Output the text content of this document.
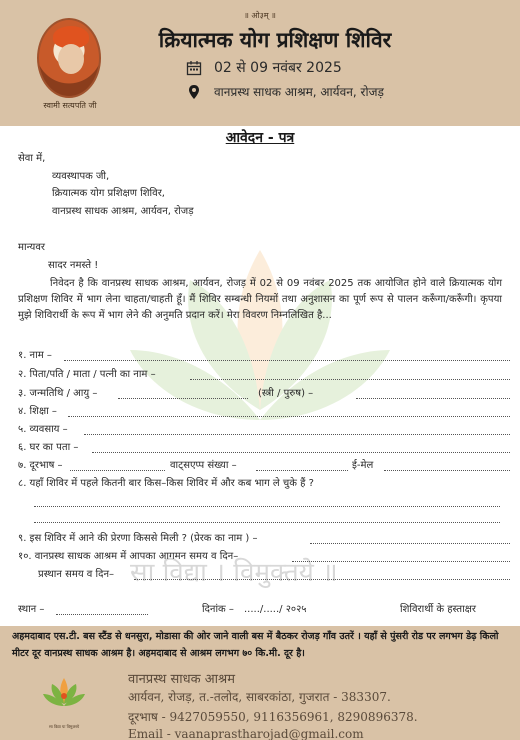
स्वामी सत्यपति जी
॥ ओ३म् ॥
क्रियात्मक योग प्रशिक्षण शिविर
02 से 09 नवंबर 2025
वानप्रस्थ साधक आश्रम, आर्यवन, रोजड़
आवेदन - पत्र
सेवा में,
व्यवस्थापक जी,
क्रियात्मक योग प्रशिक्षण शिविर,
वानप्रस्थ साधक आश्रम, आर्यवन, रोजड़
मान्यवर
सादर नमस्ते !
निवेदन है कि वानप्रस्थ साधक आश्रम, आर्यवन, रोजड़ में 02 से 09 नवंबर 2025 तक आयोजित होने वाले क्रियात्मक योग प्रशिक्षण शिविर में भाग लेना चाहता/चाहती हूँ। मैं शिविर सम्बन्धी नियमों तथा अनुशासन का पूर्ण रूप से पालन करूँगा/करूँगी। कृपया मुझे शिविरार्थी के रूप में भाग लेने की अनुमति प्रदान करें। मेरा विवरण निम्नलिखित है...
१. नाम –
२. पिता/पति / माता / पत्नी का नाम –
३. जन्मतिथि / आयु –	(स्त्री / पुरुष) –
४. शिक्षा –
५. व्यवसाय –
६. घर का पता –
७. दूरभाष –	वाट्सएप्प संख्या –	ई-मेल
८. यहाँ शिविर में पहले कितनी बार किस–किस शिविर में और कब भाग ले चुके हैं ?
९. इस शिविर में आने की प्रेरणा किससे मिली ? (प्रेरक का नाम ) –
सा विद्या । विमुक्तये ॥
१०. वानप्रस्थ साधक आश्रम में आपका आगमन समय व दिन–
प्रस्थान समय व दिन–
स्थान –	दिनांक – ...../...../ २०२५	शिविरार्थी के हस्ताक्षर
अहमदाबाद एस.टी. बस स्टैंड से धनसुरा, मोडासा की ओर जाने वाली बस में बैठकर रोजड़ गाँव उतरें । यहाँ से पुंसरी रोड पर लगभग डेढ़ किलो मीटर दूर वानप्रस्थ साधक आश्रम है। अहमदाबाद से आश्रम लगभग ७० कि.मी. दूर है।
सा विद्या या विमुक्तये
वानप्रस्थ साधक आश्रम
आर्यवन, रोजड़, त.-तलोद, साबरकांठा, गुजरात - 383307.
दूरभाष - 9427059550, 9116356961, 8290896378.
Email - vaanaprastharojad@gmail.com
